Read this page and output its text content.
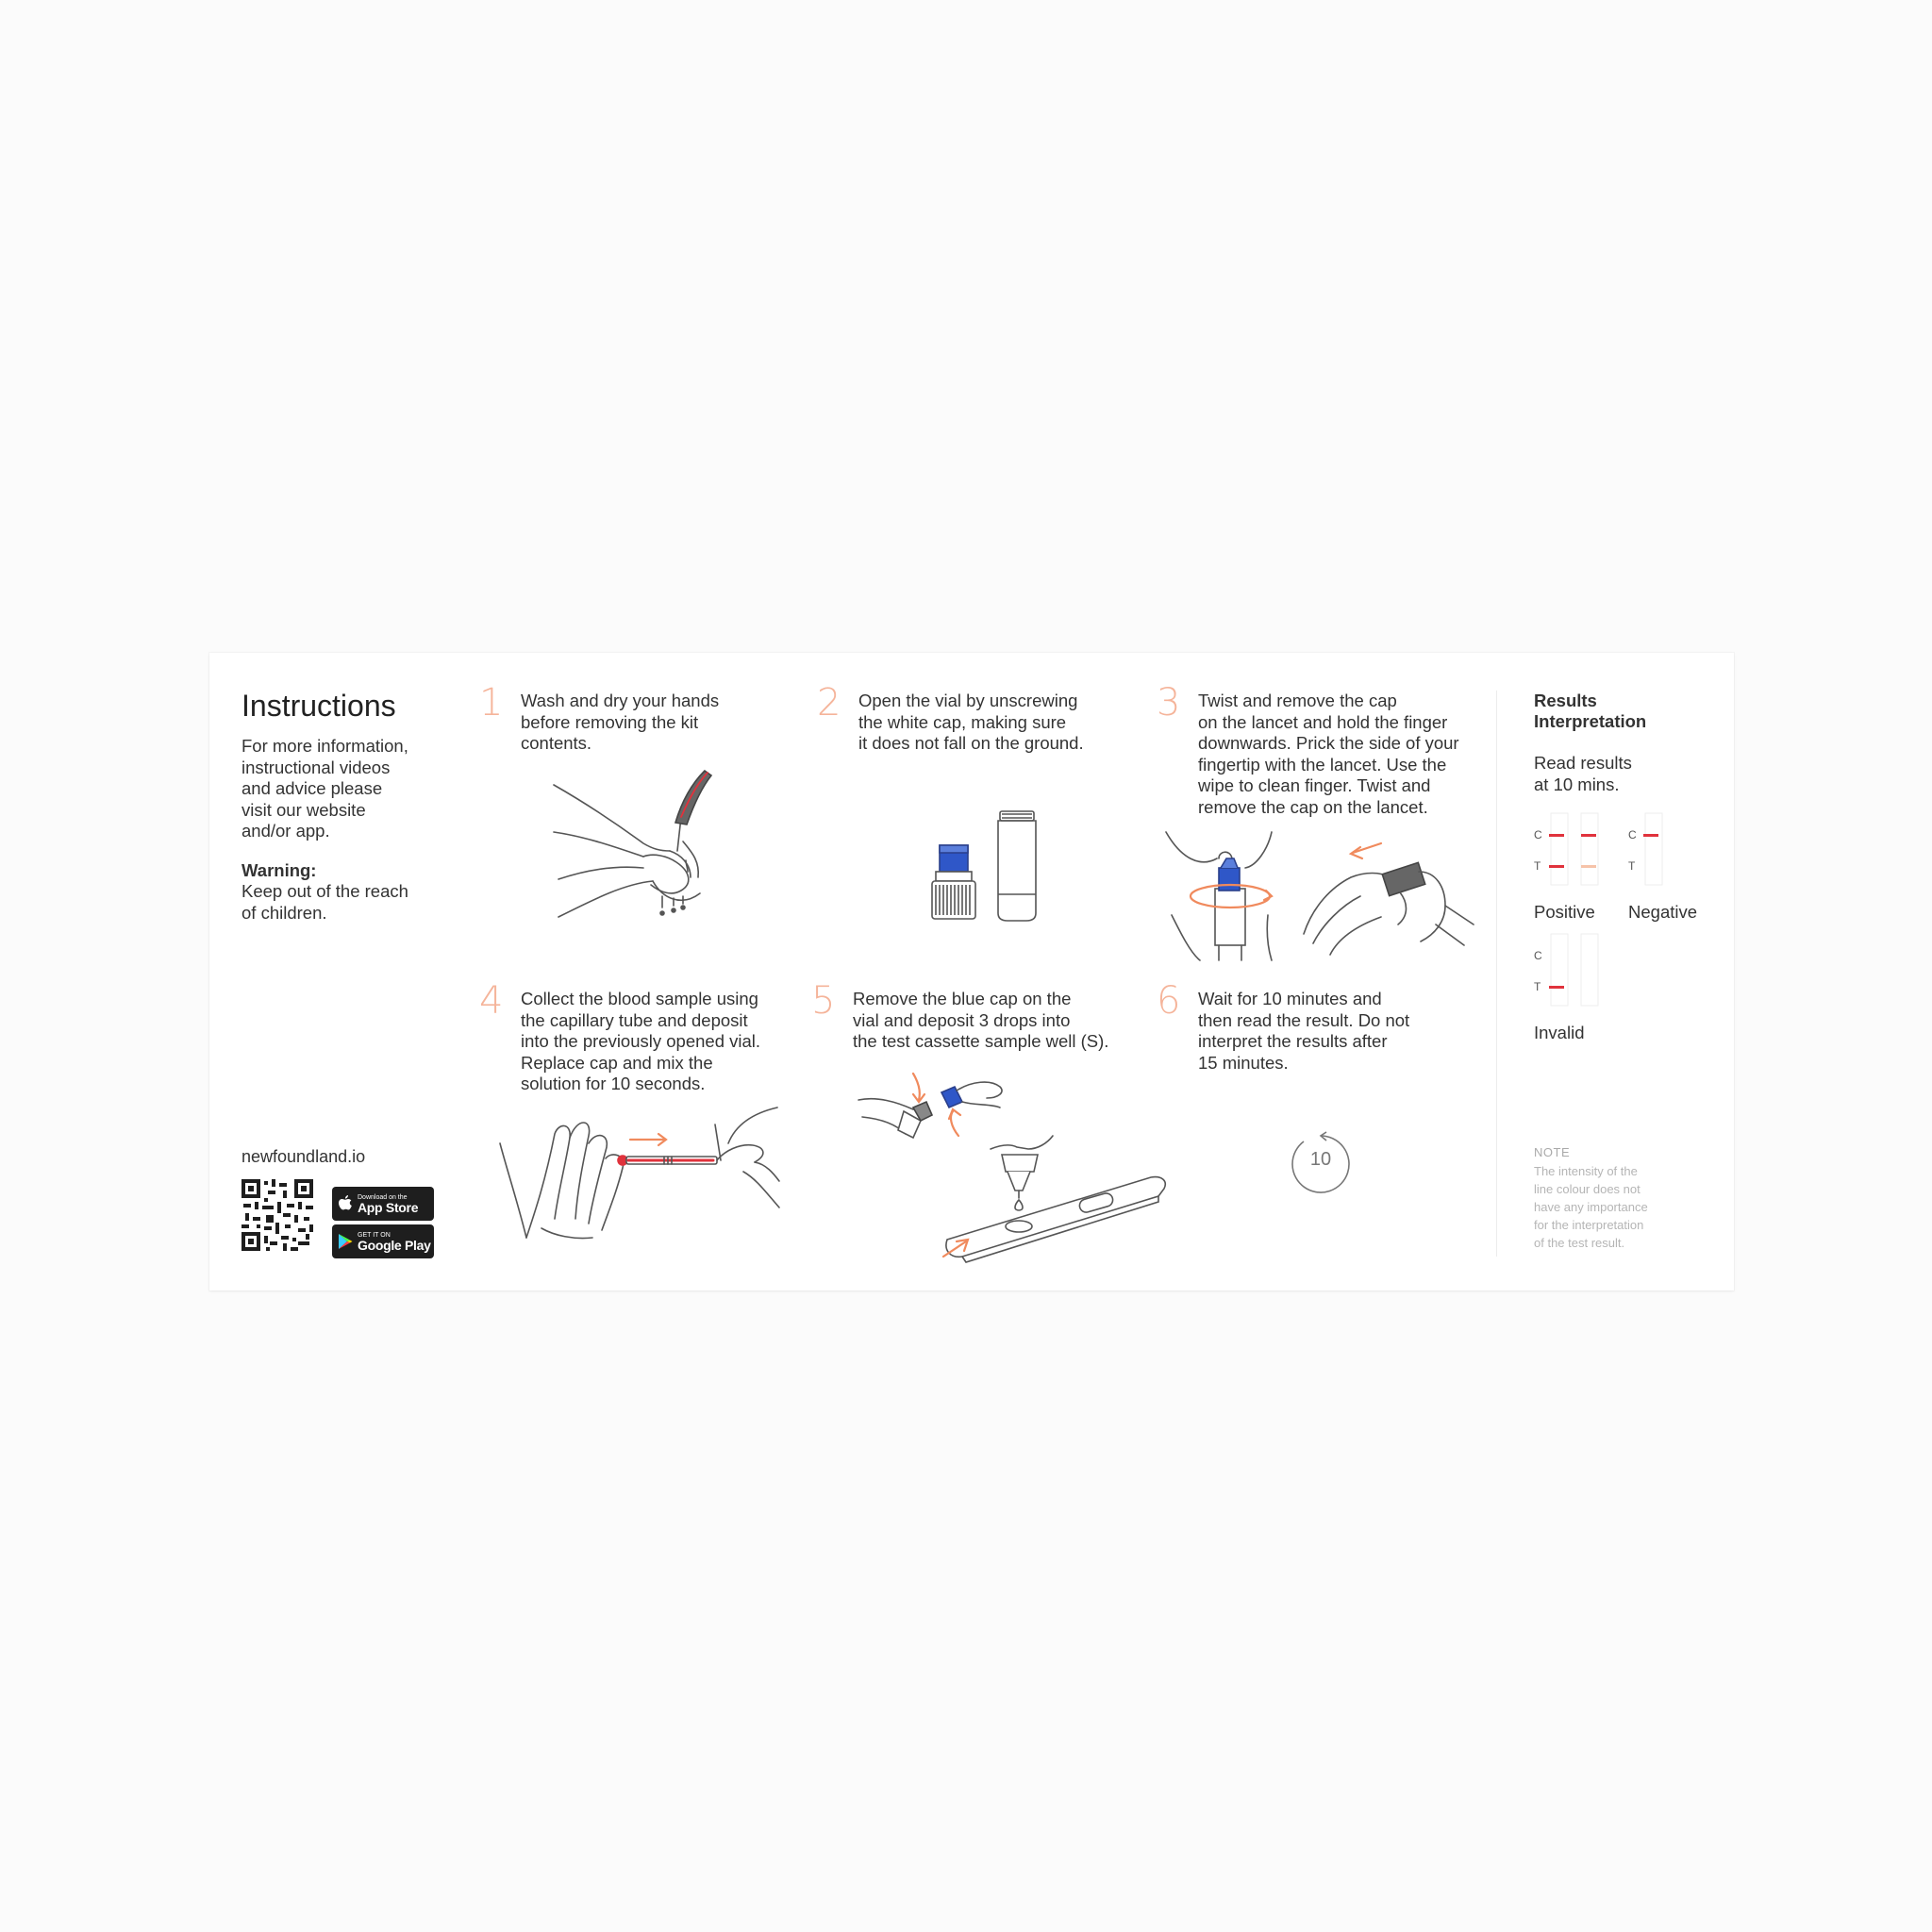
Instructions
For more information,
instructional videos
and advice please
visit our website
and/or app.
Warning:
Keep out of the reach
of children.
newfoundland.io
Download on the
App Store
GET IT ON
Google Play
1 Wash and dry your hands
before removing the kit
contents.
2 Open the vial by unscrewing
the white cap, making sure
it does not fall on the ground.
3 Twist and remove the cap
on the lancet and hold the finger
downwards. Prick the side of your
fingertip with the lancet. Use the
wipe to clean finger. Twist and
remove the cap on the lancet.
4 Collect the blood sample using
the capillary tube and deposit
into the previously opened vial.
Replace cap and mix the
solution for 10 seconds.
5 Remove the blue cap on the
vial and deposit 3 drops into
the test cassette sample well (S).
6 Wait for 10 minutes and
then read the result. Do not
interpret the results after
15 minutes.
10
Results
Interpretation
Read results
at 10 mins.
C
T
Positive
C
T
Negative
C
T
Invalid
NOTE
The intensity of the
line colour does not
have any importance
for the interpretation
of the test result.
